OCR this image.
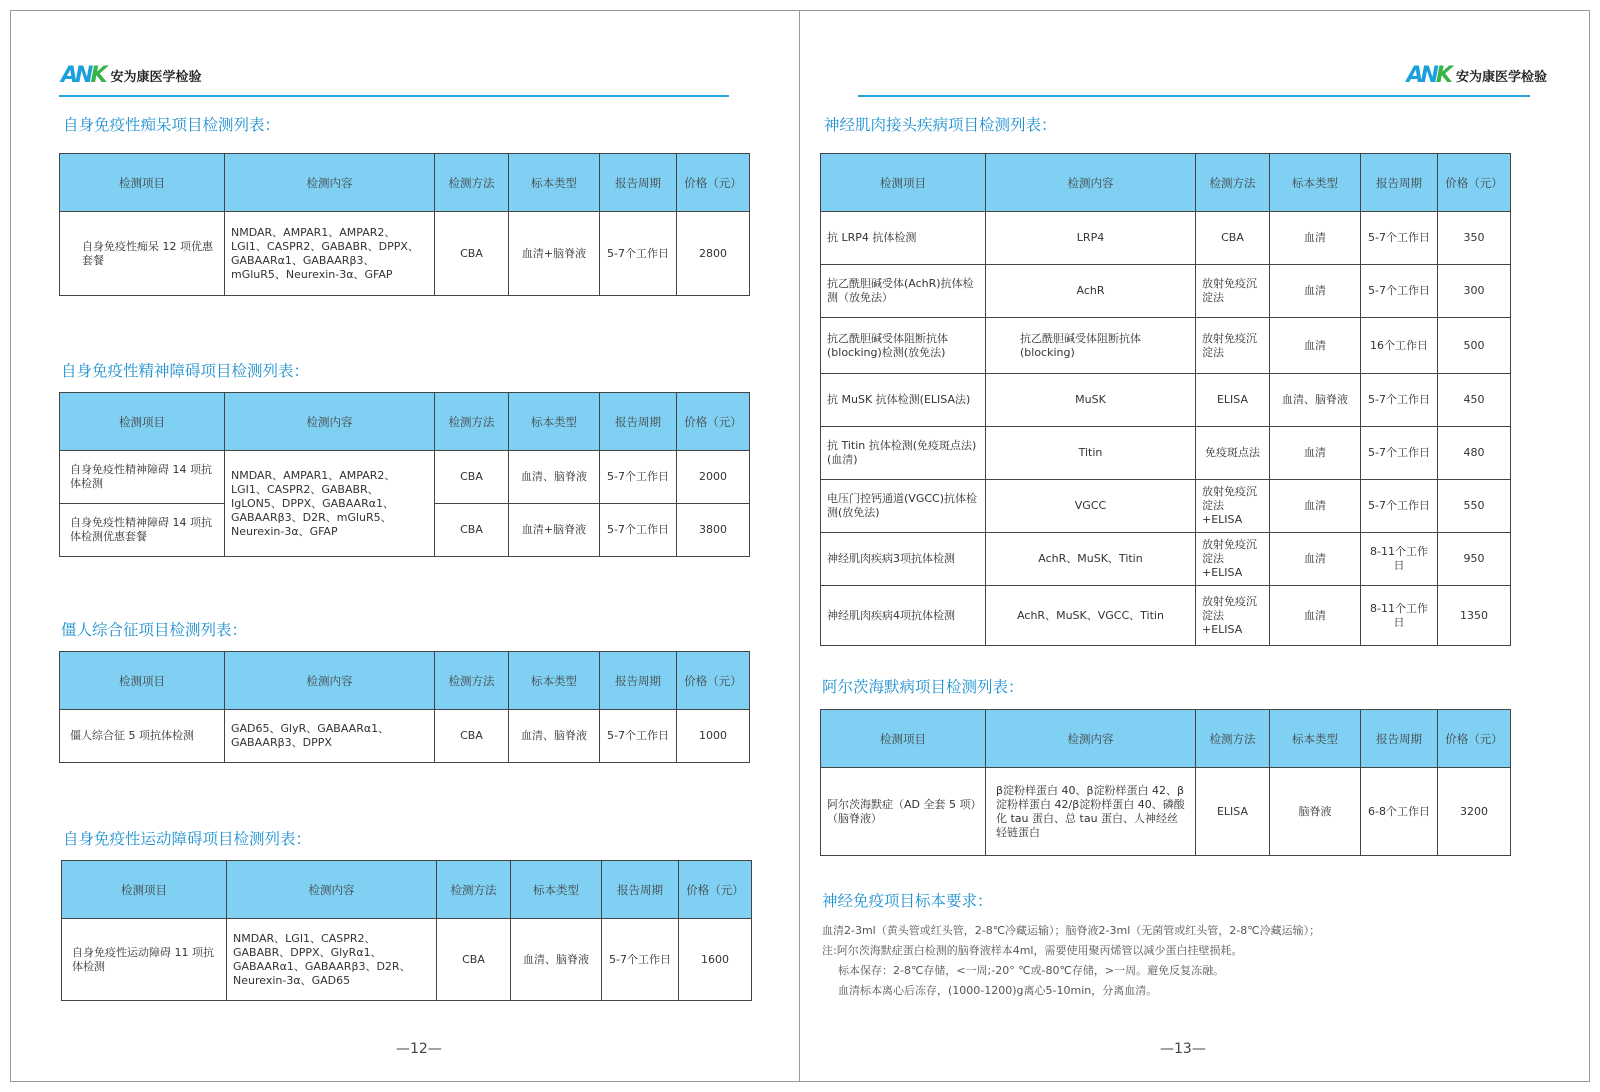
ANK 安为康医学检验
自身免疫性痴呆项目检测列表：
检测项目	检测内容	检测方法	标本类型	报告周期	价格（元）
自身免疫性痴呆 12 项优惠套餐	NMDAR、AMPAR1、AMPAR2、LGI1、CASPR2、GABABR、DPPX、GABAARα1、GABAARβ3、mGluR5、Neurexin-3α、GFAP	CBA	血清+脑脊液	5-7个工作日	2800
自身免疫性精神障碍项目检测列表：
检测项目	检测内容	检测方法	标本类型	报告周期	价格（元）
自身免疫性精神障碍 14 项抗体检测	NMDAR、AMPAR1、AMPAR2、LGI1、CASPR2、GABABR、IgLON5、DPPX、GABAARα1、GABAARβ3、D2R、mGluR5、Neurexin-3α、GFAP	CBA	血清、脑脊液	5-7个工作日	2000
自身免疫性精神障碍 14 项抗体检测优惠套餐		CBA	血清+脑脊液	5-7个工作日	3800
僵人综合征项目检测列表：
检测项目	检测内容	检测方法	标本类型	报告周期	价格（元）
僵人综合征 5 项抗体检测	GAD65、GlyR、GABAARα1、GABAARβ3、DPPX	CBA	血清、脑脊液	5-7个工作日	1000
自身免疫性运动障碍项目检测列表：
检测项目	检测内容	检测方法	标本类型	报告周期	价格（元）
自身免疫性运动障碍 11 项抗体检测	NMDAR、LGI1、CASPR2、GABABR、DPPX、GlyRα1、GABAARα1、GABAARβ3、D2R、Neurexin-3α、GAD65	CBA	血清、脑脊液	5-7个工作日	1600
—12—
ANK 安为康医学检验
神经肌肉接头疾病项目检测列表：
检测项目	检测内容	检测方法	标本类型	报告周期	价格（元）
抗 LRP4 抗体检测	LRP4	CBA	血清	5-7个工作日	350
抗乙酰胆碱受体(AchR)抗体检测（放免法）	AchR	放射免疫沉淀法	血清	5-7个工作日	300
抗乙酰胆碱受体阻断抗体(blocking)检测(放免法)	抗乙酰胆碱受体阻断抗体(blocking)	放射免疫沉淀法	血清	16个工作日	500
抗 MuSK 抗体检测(ELISA法)	MuSK	ELISA	血清、脑脊液	5-7个工作日	450
抗 Titin 抗体检测(免疫斑点法)(血清)	Titin	免疫斑点法	血清	5-7个工作日	480
电压门控钙通道(VGCC)抗体检测(放免法)	VGCC	放射免疫沉淀法+ELISA	血清	5-7个工作日	550
神经肌肉疾病3项抗体检测	AchR、MuSK、Titin	放射免疫沉淀法+ELISA	血清	8-11个工作日	950
神经肌肉疾病4项抗体检测	AchR、MuSK、VGCC、Titin	放射免疫沉淀法+ELISA	血清	8-11个工作日	1350
阿尔茨海默病项目检测列表：
检测项目	检测内容	检测方法	标本类型	报告周期	价格（元）
阿尔茨海默症（AD 全套 5 项）（脑脊液）	β淀粉样蛋白 40、β淀粉样蛋白 42、β淀粉样蛋白 42/β淀粉样蛋白 40、磷酸化 tau 蛋白、总 tau 蛋白、人神经丝轻链蛋白	ELISA	脑脊液	6-8个工作日	3200
神经免疫项目标本要求：
血清2-3ml（黄头管或红头管，2-8℃冷藏运输）；脑脊液2-3ml（无菌管或红头管，2-8℃冷藏运输）；
注:阿尔茨海默症蛋白检测的脑脊液样本4ml，需要使用聚丙烯管以减少蛋白挂壁损耗。
标本保存：2-8℃存储，<一周;-20° ℃或-80℃存储，>一周。避免反复冻融。
血清标本离心后冻存，(1000-1200)g离心5-10min，分离血清。
—13—
